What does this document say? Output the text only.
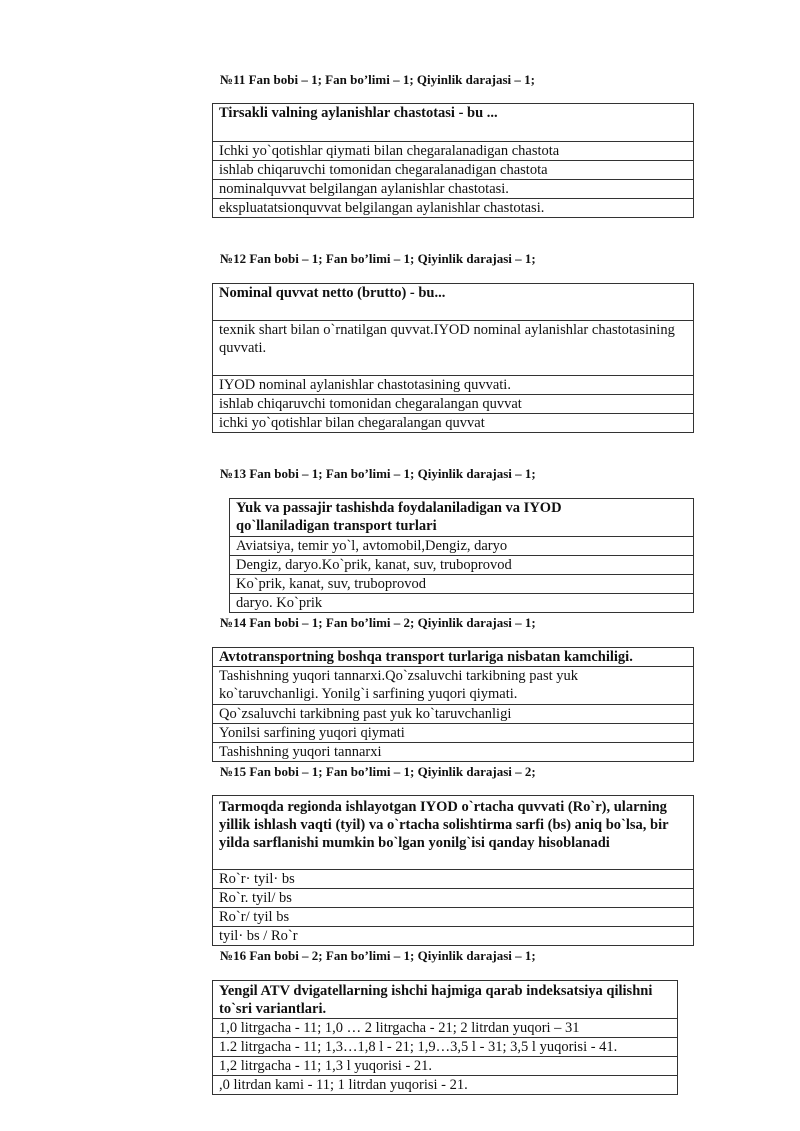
№11 Fan bobi – 1; Fan bo’limi – 1; Qiyinlik darajasi – 1;
Tirsakli valning aylanishlar chastotasi - bu ...
Ichki yo`qotishlar qiymati bilan chegaralanadigan chastota
ishlab chiqaruvchi tomonidan chegaralanadigan chastota
nominalquvvat belgilangan aylanishlar chastotasi.
ekspluatatsionquvvat belgilangan aylanishlar chastotasi.
№12 Fan bobi – 1; Fan bo’limi – 1; Qiyinlik darajasi – 1;
Nominal quvvat netto (brutto) - bu...
texnik shart bilan o`rnatilgan quvvat.IYOD nominal aylanishlar chastotasining quvvati.
IYOD nominal aylanishlar chastotasining quvvati.
ishlab chiqaruvchi tomonidan chegaralangan quvvat
ichki yo`qotishlar bilan chegaralangan quvvat
№13 Fan bobi – 1; Fan bo’limi – 1; Qiyinlik darajasi – 1;
Yuk va passajir tashishda foydalaniladigan va IYOD qo`llaniladigan transport turlari
Aviatsiya, temir yo`l, avtomobil,Dengiz, daryo
Dengiz, daryo.Ko`prik, kanat, suv, truboprovod
Ko`prik, kanat, suv, truboprovod
daryo. Ko`prik
№14 Fan bobi – 1; Fan bo’limi – 2; Qiyinlik darajasi – 1;
Avtotransportning boshqa transport turlariga nisbatan kamchiligi.
Tashishning yuqori tannarxi.Qo`zsaluvchi tarkibning past yuk ko`taruvchanligi. Yonilg`i sarfining yuqori qiymati.
Qo`zsaluvchi tarkibning past yuk ko`taruvchanligi
Yonilsi sarfining yuqori qiymati
Tashishning yuqori tannarxi
№15 Fan bobi – 1; Fan bo’limi – 1; Qiyinlik darajasi – 2;
Tarmoqda regionda ishlayotgan IYOD o`rtacha quvvati (Ro`r), ularning yillik ishlash vaqti (tyil) va o`rtacha solishtirma sarfi (bs) aniq bo`lsa, bir yilda sarflanishi mumkin bo`lgan yonilg`isi qanday hisoblanadi
Ro`r· tyil· bs
Ro`r. tyil/ bs
Ro`r/ tyil bs
tyil· bs / Ro`r
№16 Fan bobi – 2; Fan bo’limi – 1; Qiyinlik darajasi – 1;
Yengil ATV dvigatellarning ishchi hajmiga qarab indeksatsiya qilishni to`sri variantlari.
1,0 litrgacha - 11; 1,0 … 2 litrgacha - 21; 2 litrdan yuqori – 31
1.2 litrgacha - 11; 1,3…1,8 l - 21; 1,9…3,5 l - 31; 3,5 l yuqorisi - 41.
1,2 litrgacha - 11; 1,3 l yuqorisi - 21.
,0 litrdan kami - 11; 1 litrdan yuqorisi - 21.
